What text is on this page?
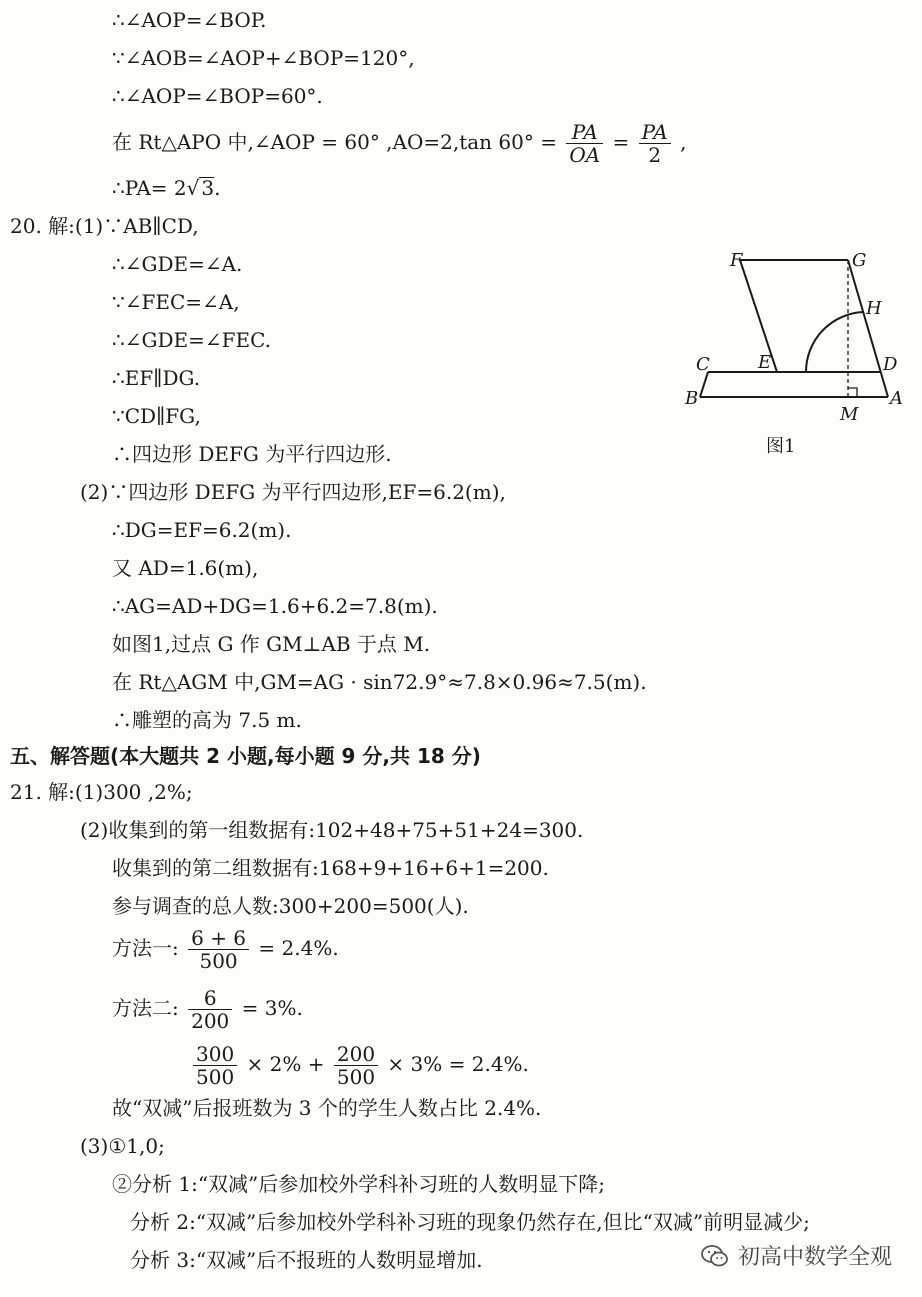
∴∠AOP=∠BOP.
∵∠AOB=∠AOP+∠BOP=120°,
∴∠AOP=∠BOP=60°.
在 Rt△APO 中,∠AOP = 60° ,AO=2,tan $60^\circ = \frac{PA}{OA} = \frac{PA}{2}$ ,
∴PA= 2√ 3.
20. 解:(1)∵AB∥CD,
∴∠GDE=∠A.
∵∠FEC=∠A,
∴∠GDE=∠FEC.
∴EF∥DG.
∵CD∥FG,
∴四边形 DEFG 为平行四边形.
(2)∵四边形 DEFG 为平行四边形,EF=6.2(m),
∴DG=EF=6.2(m).
又 AD=1.6(m),
∴AG=AD+DG=1.6+6.2=7.8(m).
如图1,过点 G 作 GM⊥AB 于点 M.
在 Rt△AGM 中,GM=AG · sin72.9°≈7.8×0.96≈7.5(m).
∴雕塑的高为 7.5 m.
五、解答题(本大题共 2 小题,每小题 9 分,共 18 分)
21. 解:(1)300 ,2%;
(2)收集到的第一组数据有:102+48+75+51+24=300.
收集到的第二组数据有:168+9+16+6+1=200.
参与调查的总人数:300+200=500(人).
方法一: $\frac{6 + 6}{500} = 2.4\%$.
方法二: $\frac{6}{200} = 3\%$.
$\frac{300}{500} \times 2\% + \frac{200}{500} \times 3\% = 2.4\%$.
故“双减”后报班数为 3 个的学生人数占比 2.4%.
(3)①1,0;
②分析 1:“双减”后参加校外学科补习班的人数明显下降;
分析 2:“双减”后参加校外学科补习班的现象仍然存在,但比“双减”前明显减少;
分析 3:“双减”后不报班的人数明显增加.
F	G
H
C	E	D
B
M
A
图1
初高中数学全观
